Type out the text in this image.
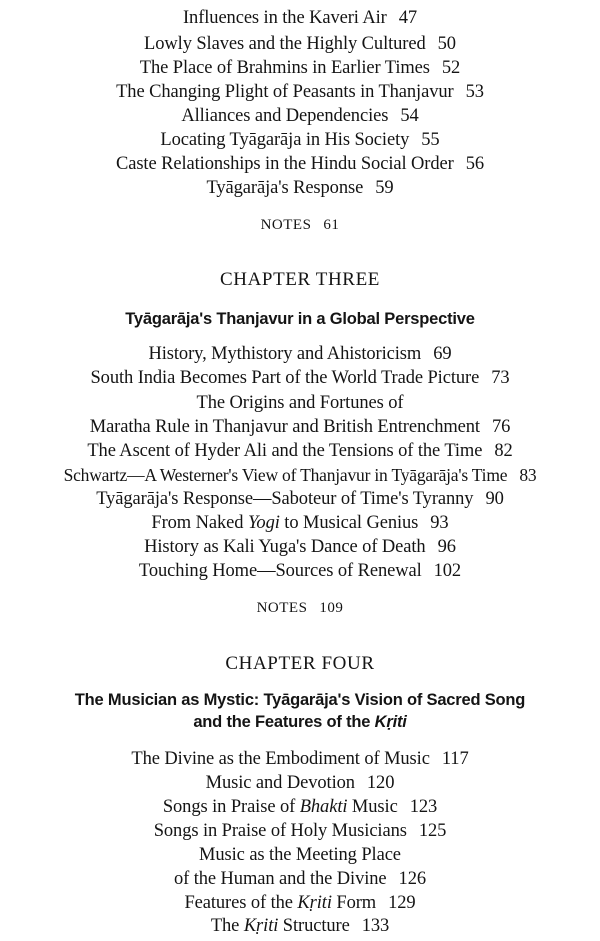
Influences in the Kaveri Air 47
Lowly Slaves and the Highly Cultured 50
The Place of Brahmins in Earlier Times 52
The Changing Plight of Peasants in Thanjavur 53
Alliances and Dependencies 54
Locating Tyāgarāja in His Society 55
Caste Relationships in the Hindu Social Order 56
Tyāgarāja's Response 59
NOTES 61
CHAPTER THREE
Tyāgarāja's Thanjavur in a Global Perspective
History, Mythistory and Ahistoricism 69
South India Becomes Part of the World Trade Picture 73
The Origins and Fortunes of
Maratha Rule in Thanjavur and British Entrenchment 76
The Ascent of Hyder Ali and the Tensions of the Time 82
Schwartz—A Westerner's View of Thanjavur in Tyāgarāja's Time 83
Tyāgarāja's Response—Saboteur of Time's Tyranny 90
From Naked Yogi to Musical Genius 93
History as Kali Yuga's Dance of Death 96
Touching Home—Sources of Renewal 102
NOTES 109
CHAPTER FOUR
The Musician as Mystic: Tyāgarāja's Vision of Sacred Song
and the Features of the Kṛiti
The Divine as the Embodiment of Music 117
Music and Devotion 120
Songs in Praise of Bhakti Music 123
Songs in Praise of Holy Musicians 125
Music as the Meeting Place
of the Human and the Divine 126
Features of the Kṛiti Form 129
The Kṛiti Structure 133
